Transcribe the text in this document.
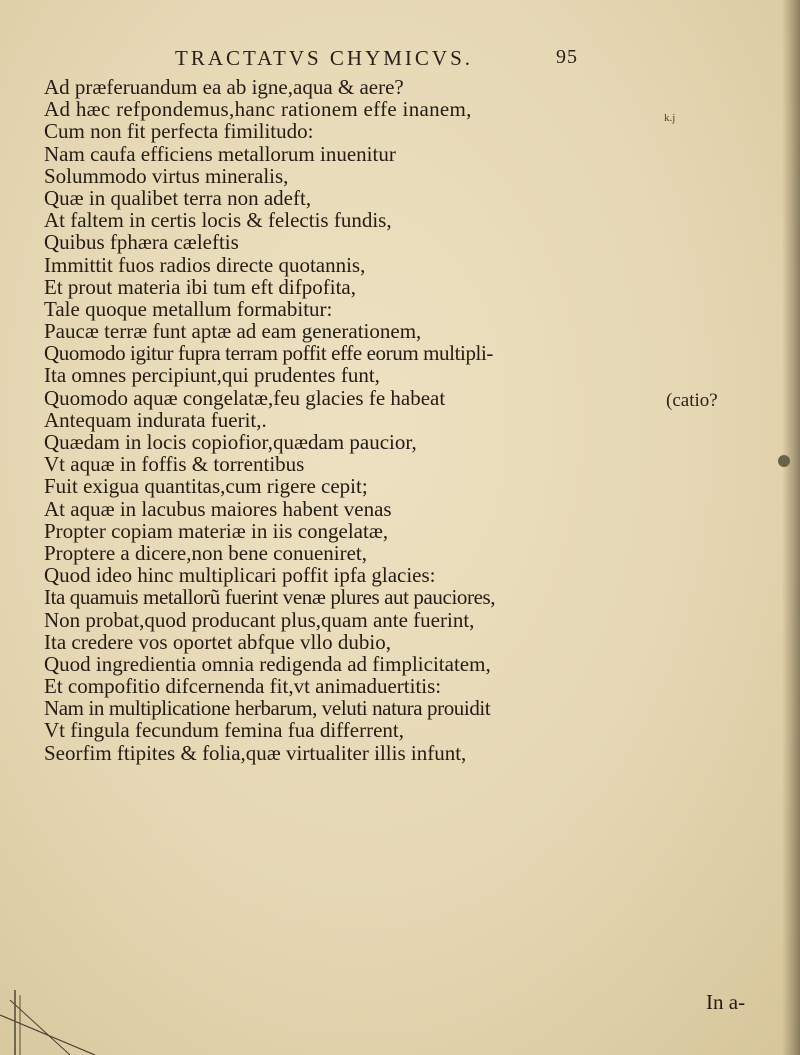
TRACTATVS CHYMICVS.	95
k.j
Ad præferuandum ea ab igne,aqua & aere?
Ad hæc refpondemus,hanc rationem effe inanem,
Cum non fit perfecta fimilitudo:
Nam caufa efficiens metallorum inuenitur
Solummodo virtus mineralis,
Quæ in qualibet terra non adeft,
At faltem in certis locis & felectis fundis,
Quibus fphæra cæleftis
Immittit fuos radios directe quotannis,
Et prout materia ibi tum eft difpofita,
Tale quoque metallum formabitur:
Paucæ terræ funt aptæ ad eam generationem,
Quomodo igitur fupra terram poffit effe eorum multipli-
Ita omnes percipiunt,qui prudentes funt,
Quomodo aquæ congelatæ,feu glacies fe habeat
Antequam indurata fuerit,.
Quædam in locis copiofior,quædam paucior,
Vt aquæ in foffis & torrentibus
Fuit exigua quantitas,cum rigere cepit;
At aquæ in lacubus maiores habent venas
Propter copiam materiæ in iis congelatæ,
Proptere a dicere,non bene conueniret,
Quod ideo hinc multiplicari poffit ipfa glacies:
Ita quamuis metallorũ fuerint venæ plures aut pauciores,
Non probat,quod producant plus,quam ante fuerint,
Ita credere vos oportet abfque vllo dubio,
Quod ingredientia omnia redigenda ad fimplicitatem,
Et compofitio difcernenda fit,vt animaduertitis:
Nam in multiplicatione herbarum, veluti natura prouidit
Vt fingula fecundum femina fua differrent,
Seorfim ftipites & folia,quæ virtualiter illis infunt,
(catio?
In a-
